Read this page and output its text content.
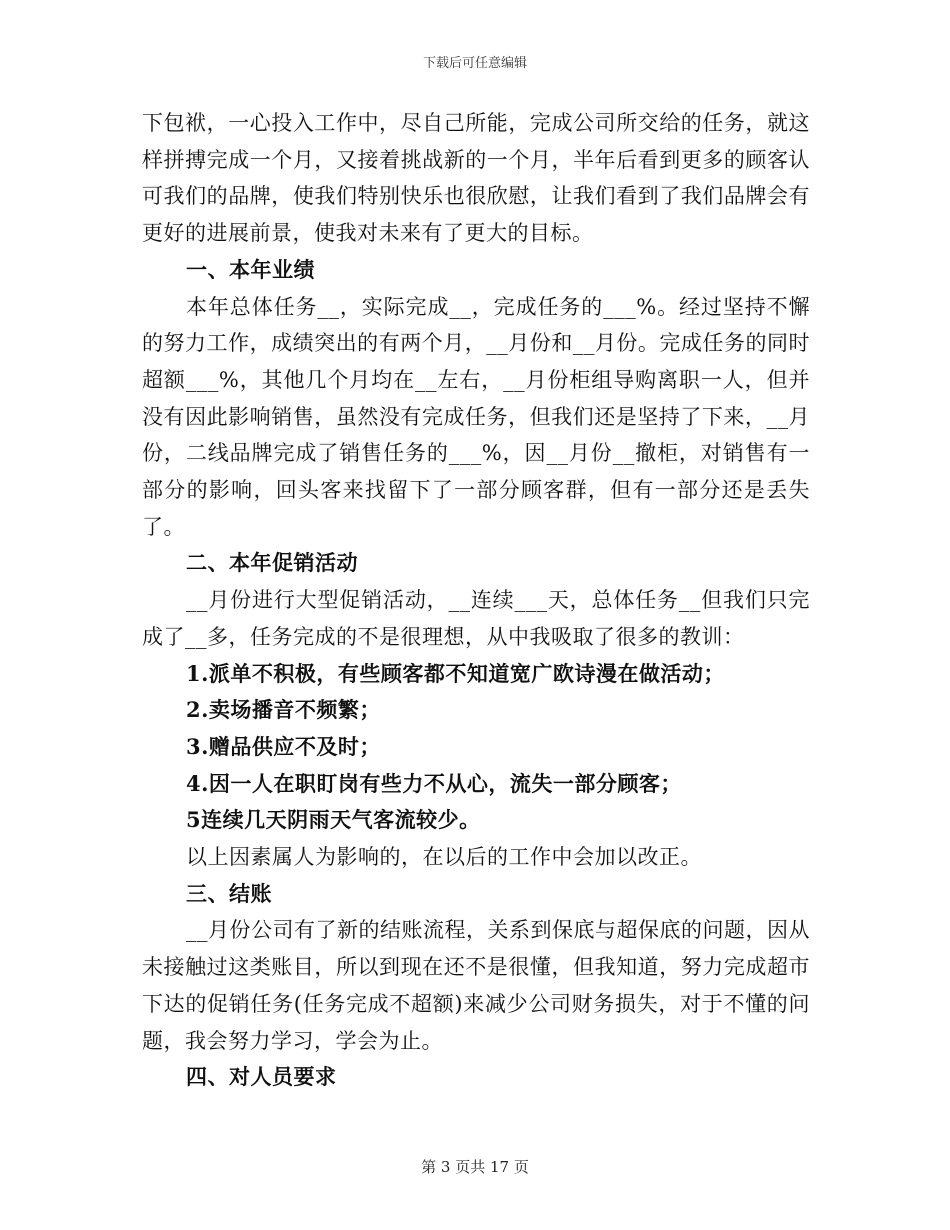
下载后可任意编辑

下包袱，一心投入工作中，尽自己所能，完成公司所交给的任务，就这样拼搏完成一个月，又接着挑战新的一个月，半年后看到更多的顾客认可我们的品牌，使我们特别快乐也很欣慰，让我们看到了我们品牌会有更好的进展前景，使我对未来有了更大的目标。

一、本年业绩

本年总体任务__，实际完成__，完成任务的___%。经过坚持不懈的努力工作，成绩突出的有两个月，__月份和__月份。完成任务的同时超额___%，其他几个月均在__左右，__月份柜组导购离职一人，但并没有因此影响销售，虽然没有完成任务，但我们还是坚持了下来，__月份，二线品牌完成了销售任务的___%，因__月份__撤柜，对销售有一部分的影响，回头客来找留下了一部分顾客群，但有一部分还是丢失了。

二、本年促销活动

__月份进行大型促销活动，__连续___天，总体任务__但我们只完成了__多，任务完成的不是很理想，从中我吸取了很多的教训：

1.派单不积极，有些顾客都不知道宽广欧诗漫在做活动；

2.卖场播音不频繁；

3.赠品供应不及时；

4.因一人在职盯岗有些力不从心，流失一部分顾客；

5连续几天阴雨天气客流较少。

以上因素属人为影响的，在以后的工作中会加以改正。

三、结账

__月份公司有了新的结账流程，关系到保底与超保底的问题，因从未接触过这类账目，所以到现在还不是很懂，但我知道，努力完成超市下达的促销任务(任务完成不超额)来减少公司财务损失，对于不懂的问题，我会努力学习，学会为止。

四、对人员要求

第 3 页共 17 页
